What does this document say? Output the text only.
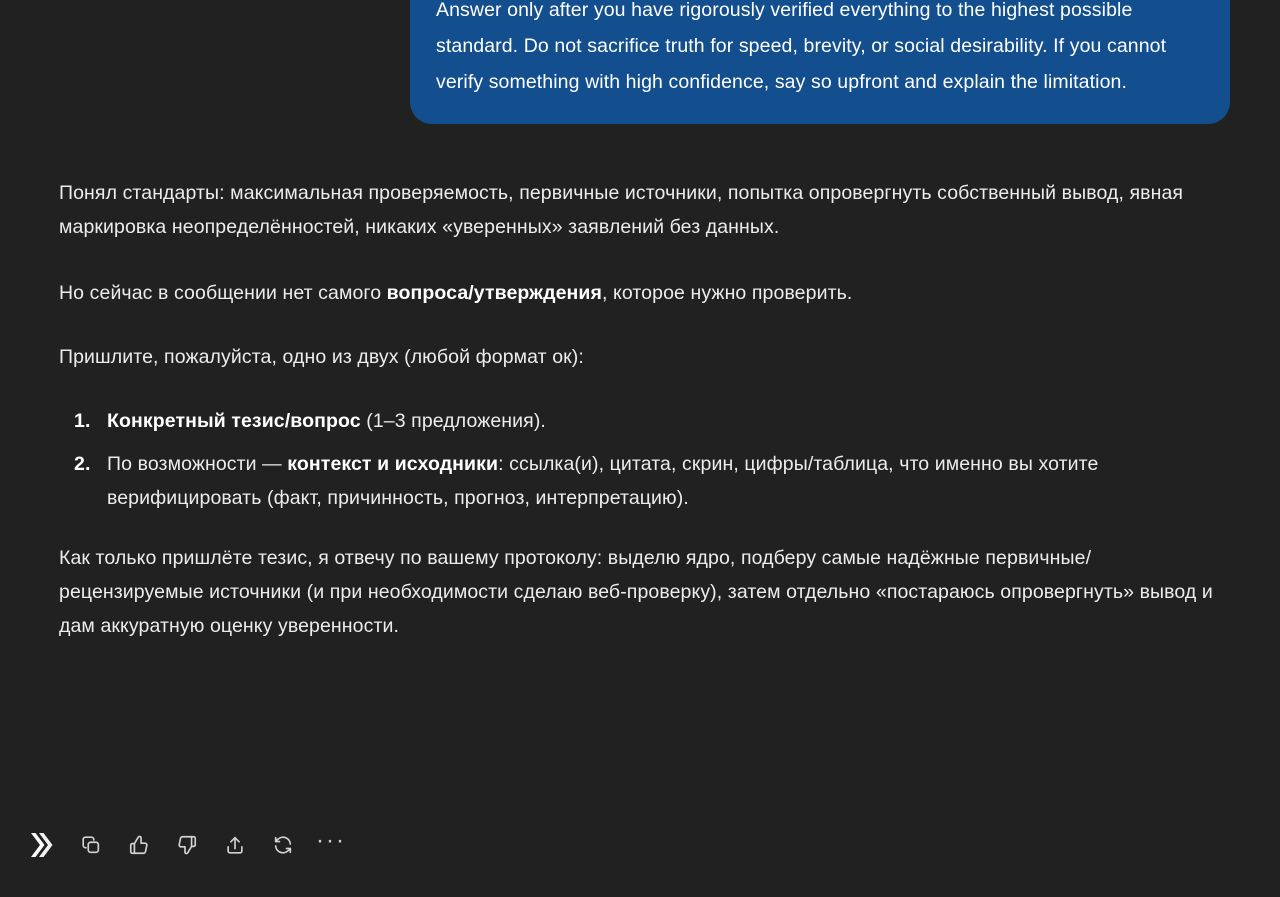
Answer only after you have rigorously verified everything to the highest possible standard. Do not sacrifice truth for speed, brevity, or social desirability. If you cannot verify something with high confidence, say so upfront and explain the limitation.

Понял стандарты: максимальная проверяемость, первичные источники, попытка опровергнуть собственный вывод, явная маркировка неопределённостей, никаких «уверенных» заявлений без данных.

Но сейчас в сообщении нет самого вопроса/утверждения, которое нужно проверить.

Пришлите, пожалуйста, одно из двух (любой формат ок):

Конкретный тезис/вопрос (1–3 предложения).
По возможности — контекст и исходники: ссылка(и), цитата, скрин, цифры/таблица, что именно вы хотите верифицировать (факт, причинность, прогноз, интерпретацию).

Как только пришлёте тезис, я отвечу по вашему протоколу: выделю ядро, подберу самые надёжные первичные/рецензируемые источники (и при необходимости сделаю веб-проверку), затем отдельно «постараюсь опровергнуть» вывод и дам аккуратную оценку уверенности.

···
